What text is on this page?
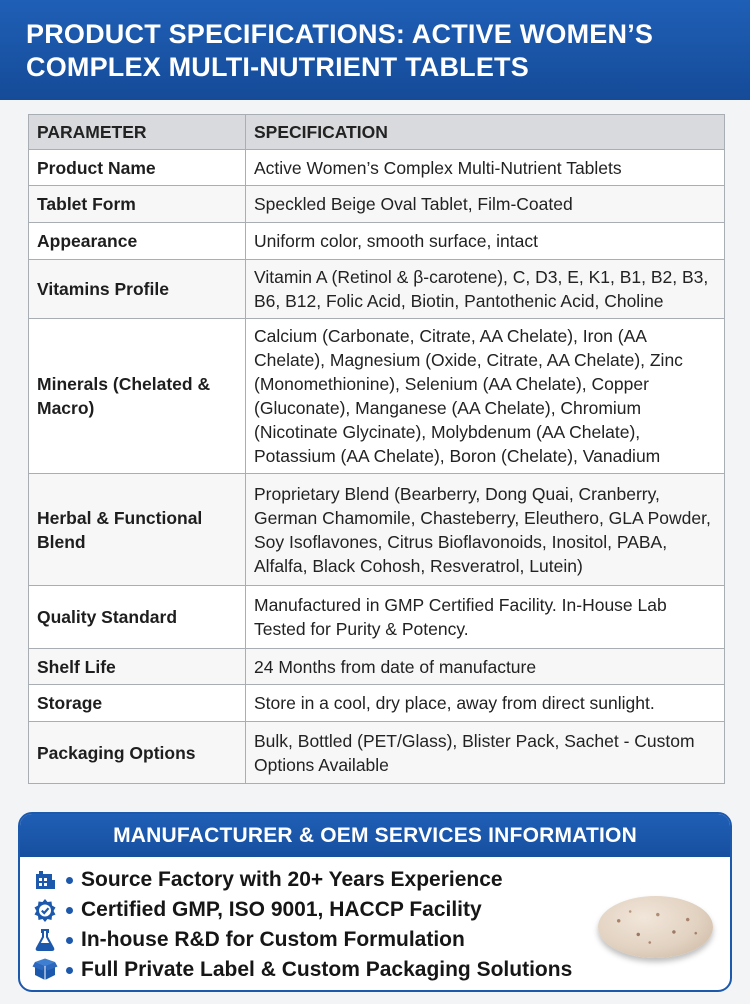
PRODUCT SPECIFICATIONS: ACTIVE WOMEN’S
COMPLEX MULTI-NUTRIENT TABLETS
PARAMETER	SPECIFICATION
Product Name	Active Women’s Complex Multi-Nutrient Tablets
Tablet Form	Speckled Beige Oval Tablet, Film-Coated
Appearance	Uniform color, smooth surface, intact
Vitamins Profile	Vitamin A (Retinol & β-carotene), C, D3, E, K1, B1, B2, B3, B6, B12, Folic Acid, Biotin, Pantothenic Acid, Choline
Minerals (Chelated & Macro)	Calcium (Carbonate, Citrate, AA Chelate), Iron (AA Chelate), Magnesium (Oxide, Citrate, AA Chelate), Zinc (Monomethionine), Selenium (AA Chelate), Copper (Gluconate), Manganese (AA Chelate), Chromium (Nicotinate Glycinate), Molybdenum (AA Chelate), Potassium (AA Chelate), Boron (Chelate), Vanadium
Herbal & Functional Blend	Proprietary Blend (Bearberry, Dong Quai, Cranberry, German Chamomile, Chasteberry, Eleuthero, GLA Powder, Soy Isoflavones, Citrus Bioflavonoids, Inositol, PABA, Alfalfa, Black Cohosh, Resveratrol, Lutein)
Quality Standard	Manufactured in GMP Certified Facility. In-House Lab Tested for Purity & Potency.
Shelf Life	24 Months from date of manufacture
Storage	Store in a cool, dry place, away from direct sunlight.
Packaging Options	Bulk, Bottled (PET/Glass), Blister Pack, Sachet - Custom Options Available
MANUFACTURER & OEM SERVICES INFORMATION
Source Factory with 20+ Years Experience
Certified GMP, ISO 9001, HACCP Facility
In-house R&D for Custom Formulation
Full Private Label & Custom Packaging Solutions
